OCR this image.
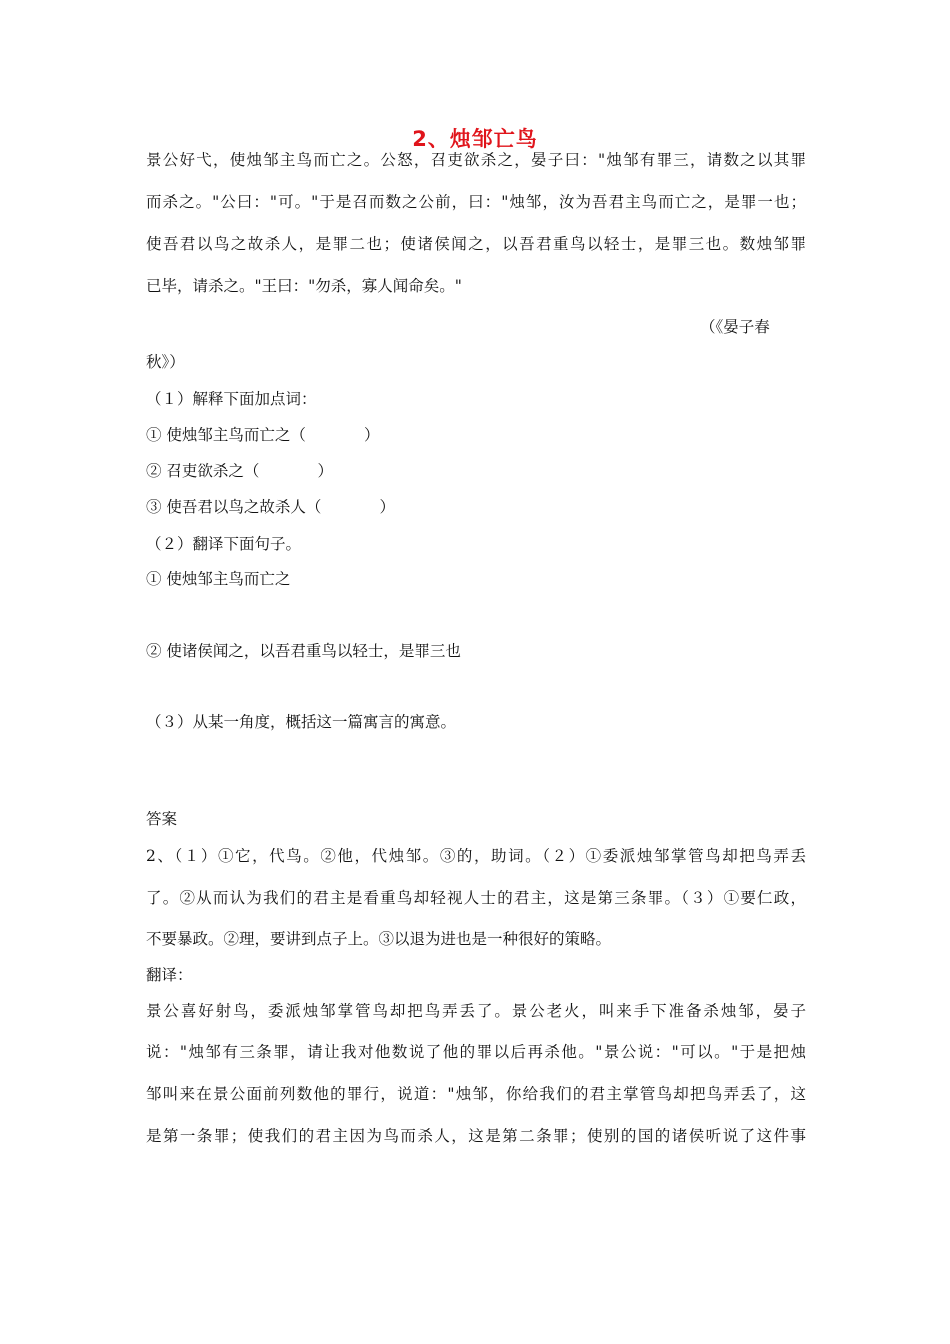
2、烛邹亡鸟
景公好弋，使烛邹主鸟而亡之。公怒，召吏欲杀之，晏子曰："烛邹有罪三，请数之以其罪
而杀之。"公曰："可。"于是召而数之公前，曰："烛邹，汝为吾君主鸟而亡之，是罪一也；
使吾君以鸟之故杀人，是罪二也；使诸侯闻之，以吾君重鸟以轻士，是罪三也。数烛邹罪
已毕，请杀之。"王曰："勿杀，寡人闻命矣。"
（《晏子春
秋》）
（１）解释下面加点词：
① 使烛邹主鸟而亡之（	）
② 召吏欲杀之（	）
③ 使吾君以鸟之故杀人（	）
（２）翻译下面句子。
① 使烛邹主鸟而亡之
② 使诸侯闻之，以吾君重鸟以轻士，是罪三也
（３）从某一角度，概括这一篇寓言的寓意。
答案
2、（１）①它，代鸟。②他，代烛邹。③的，助词。（２）①委派烛邹掌管鸟却把鸟弄丢
了。②从而认为我们的君主是看重鸟却轻视人士的君主，这是第三条罪。（３）①要仁政，
不要暴政。②理，要讲到点子上。③以退为进也是一种很好的策略。
翻译：
景公喜好射鸟，委派烛邹掌管鸟却把鸟弄丢了。景公老火，叫来手下准备杀烛邹，晏子
说："烛邹有三条罪，请让我对他数说了他的罪以后再杀他。"景公说："可以。"于是把烛
邹叫来在景公面前列数他的罪行，说道："烛邹，你给我们的君主掌管鸟却把鸟弄丢了，这
是第一条罪；使我们的君主因为鸟而杀人，这是第二条罪；使别的国的诸侯听说了这件事
